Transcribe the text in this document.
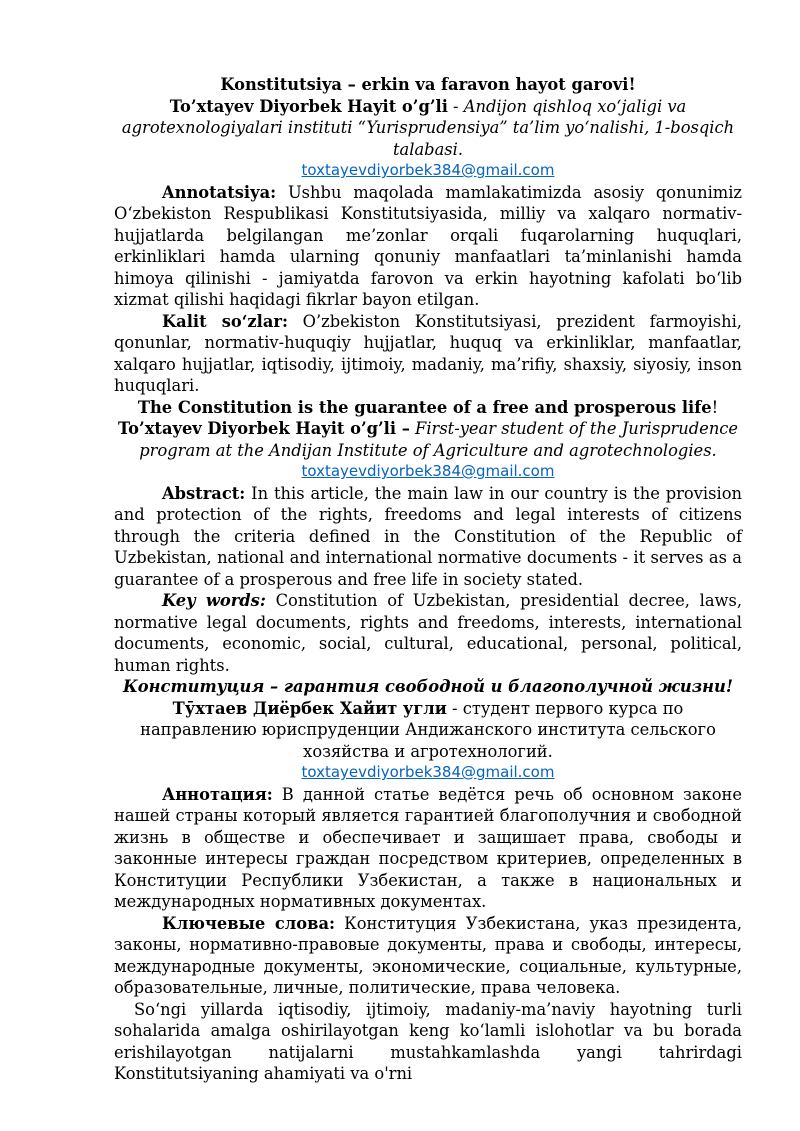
Konstitutsiya – erkin va faravon hayot garovi!

To’xtayev Diyorbek Hayit o’g’li - Andijon qishloq xo‘jaligi va agrotexnologiyalari instituti “Yurisprudensiya” ta’lim yo‘nalishi, 1-bosqich talabasi.

toxtayevdiyorbek384@gmail.com

Annotatsiya: Ushbu maqolada mamlakatimizda asosiy qonunimiz O‘zbekiston Respublikasi Konstitutsiyasida, milliy va xalqaro normativ-hujjatlarda belgilangan me’zonlar orqali fuqarolarning huquqlari, erkinliklari hamda ularning qonuniy manfaatlari ta’minlanishi hamda himoya qilinishi - jamiyatda farovon va erkin hayotning kafolati bo‘lib xizmat qilishi haqidagi fikrlar bayon etilgan.

Kalit so‘zlar: O’zbekiston Konstitutsiyasi, prezident farmoyishi, qonunlar, normativ-huquqiy hujjatlar, huquq va erkinliklar, manfaatlar, xalqaro hujjatlar, iqtisodiy, ijtimoiy, madaniy, ma’rifiy, shaxsiy, siyosiy, inson huquqlari.

The Constitution is the guarantee of a free and prosperous life!

To’xtayev Diyorbek Hayit o’g’li – First-year student of the Jurisprudence program at the Andijan Institute of Agriculture and agrotechnologies.

toxtayevdiyorbek384@gmail.com

Abstract: In this article, the main law in our country is the provision and protection of the rights, freedoms and legal interests of citizens through the criteria defined in the Constitution of the Republic of Uzbekistan, national and international normative documents - it serves as a guarantee of a prosperous and free life in society stated.

Key words: Constitution of Uzbekistan, presidential decree, laws, normative legal documents, rights and freedoms, interests, international documents, economic, social, cultural, educational, personal, political, human rights.

Конституция – гарантия свободной и благополучной жизни!

Тӯхтаев Диёрбек Хайит угли - студент первого курса по направлению юриспруденции Андижанского института сельского хозяйства и агротехнологий.

toxtayevdiyorbek384@gmail.com

Аннотация: В данной статье ведётся речь об основном законе нашей страны который является гарантией благополучния и свободной жизнь в обществе и обеспечивает и защишает права, свободы и законные интересы граждан посредством критериев, определенных в Конституции Республики Узбекистан, а также в национальных и международных нормативных документах.

Ключевые слова: Конституция Узбекистана, указ президента, законы, нормативно-правовые документы, права и свободы, интересы, международные документы, экономические, социальные, культурные, образовательные, личные, политические, права человека.

So‘ngi yillarda iqtisodiy, ijtimoiy, madaniy-ma’naviy hayotning turli sohalarida amalga oshirilayotgan keng ko‘lamli islohotlar va bu borada erishilayotgan natijalarni mustahkamlashda yangi tahrirdagi Konstitutsiyaning ahamiyati va o'rni
